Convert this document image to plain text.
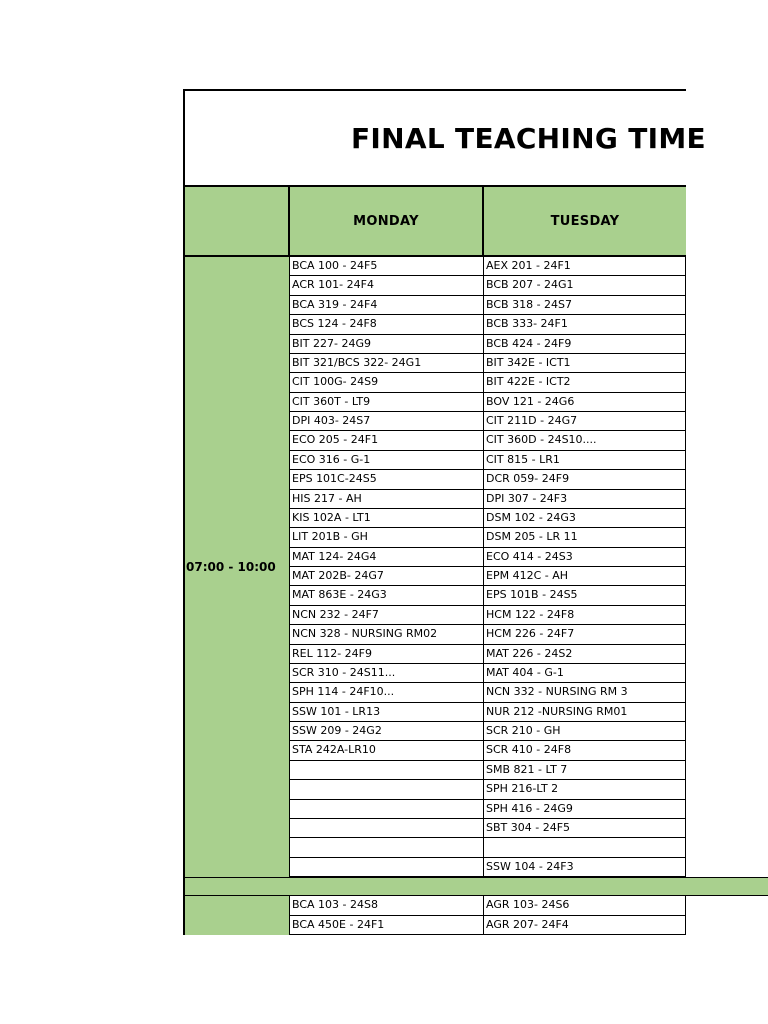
FINAL TEACHING TIME
MONDAY	TUESDAY
07:00 - 10:00
BCA 100 - 24F5
ACR 101- 24F4
BCA 319 - 24F4
BCS 124 - 24F8
BIT 227- 24G9
BIT 321/BCS 322- 24G1
CIT 100G- 24S9
CIT 360T - LT9
DPI 403- 24S7
ECO 205 - 24F1
ECO 316 - G-1
EPS 101C-24S5
HIS 217 - AH
KIS 102A - LT1
LIT 201B - GH
MAT 124- 24G4
MAT 202B- 24G7
MAT 863E - 24G3
NCN 232 - 24F7
NCN 328 - NURSING RM02
REL 112- 24F9
SCR 310 - 24S11...
SPH 114 - 24F10...
SSW 101 - LR13
SSW 209 - 24G2
STA 242A-LR10
AEX 201 - 24F1
BCB 207 - 24G1
BCB 318 - 24S7
BCB 333- 24F1
BCB 424 - 24F9
BIT 342E - ICT1
BIT 422E - ICT2
BOV 121 - 24G6
CIT 211D - 24G7
CIT 360D - 24S10....
CIT 815 - LR1
DCR 059- 24F9
DPI 307 - 24F3
DSM 102 - 24G3
DSM 205 - LR 11
ECO 414 - 24S3
EPM 412C - AH
EPS 101B - 24S5
HCM 122 - 24F8
HCM 226 - 24F7
MAT 226 - 24S2
MAT 404 - G-1
NCN 332 - NURSING RM 3
NUR 212 -NURSING RM01
SCR 210 - GH
SCR 410 - 24F8
SMB 821 - LT 7
SPH 216-LT 2
SPH 416 - 24G9
SBT 304 - 24F5
SSW 104 - 24F3
BCA 103 - 24S8
BCA 450E - 24F1
AGR 103- 24S6
AGR 207- 24F4
